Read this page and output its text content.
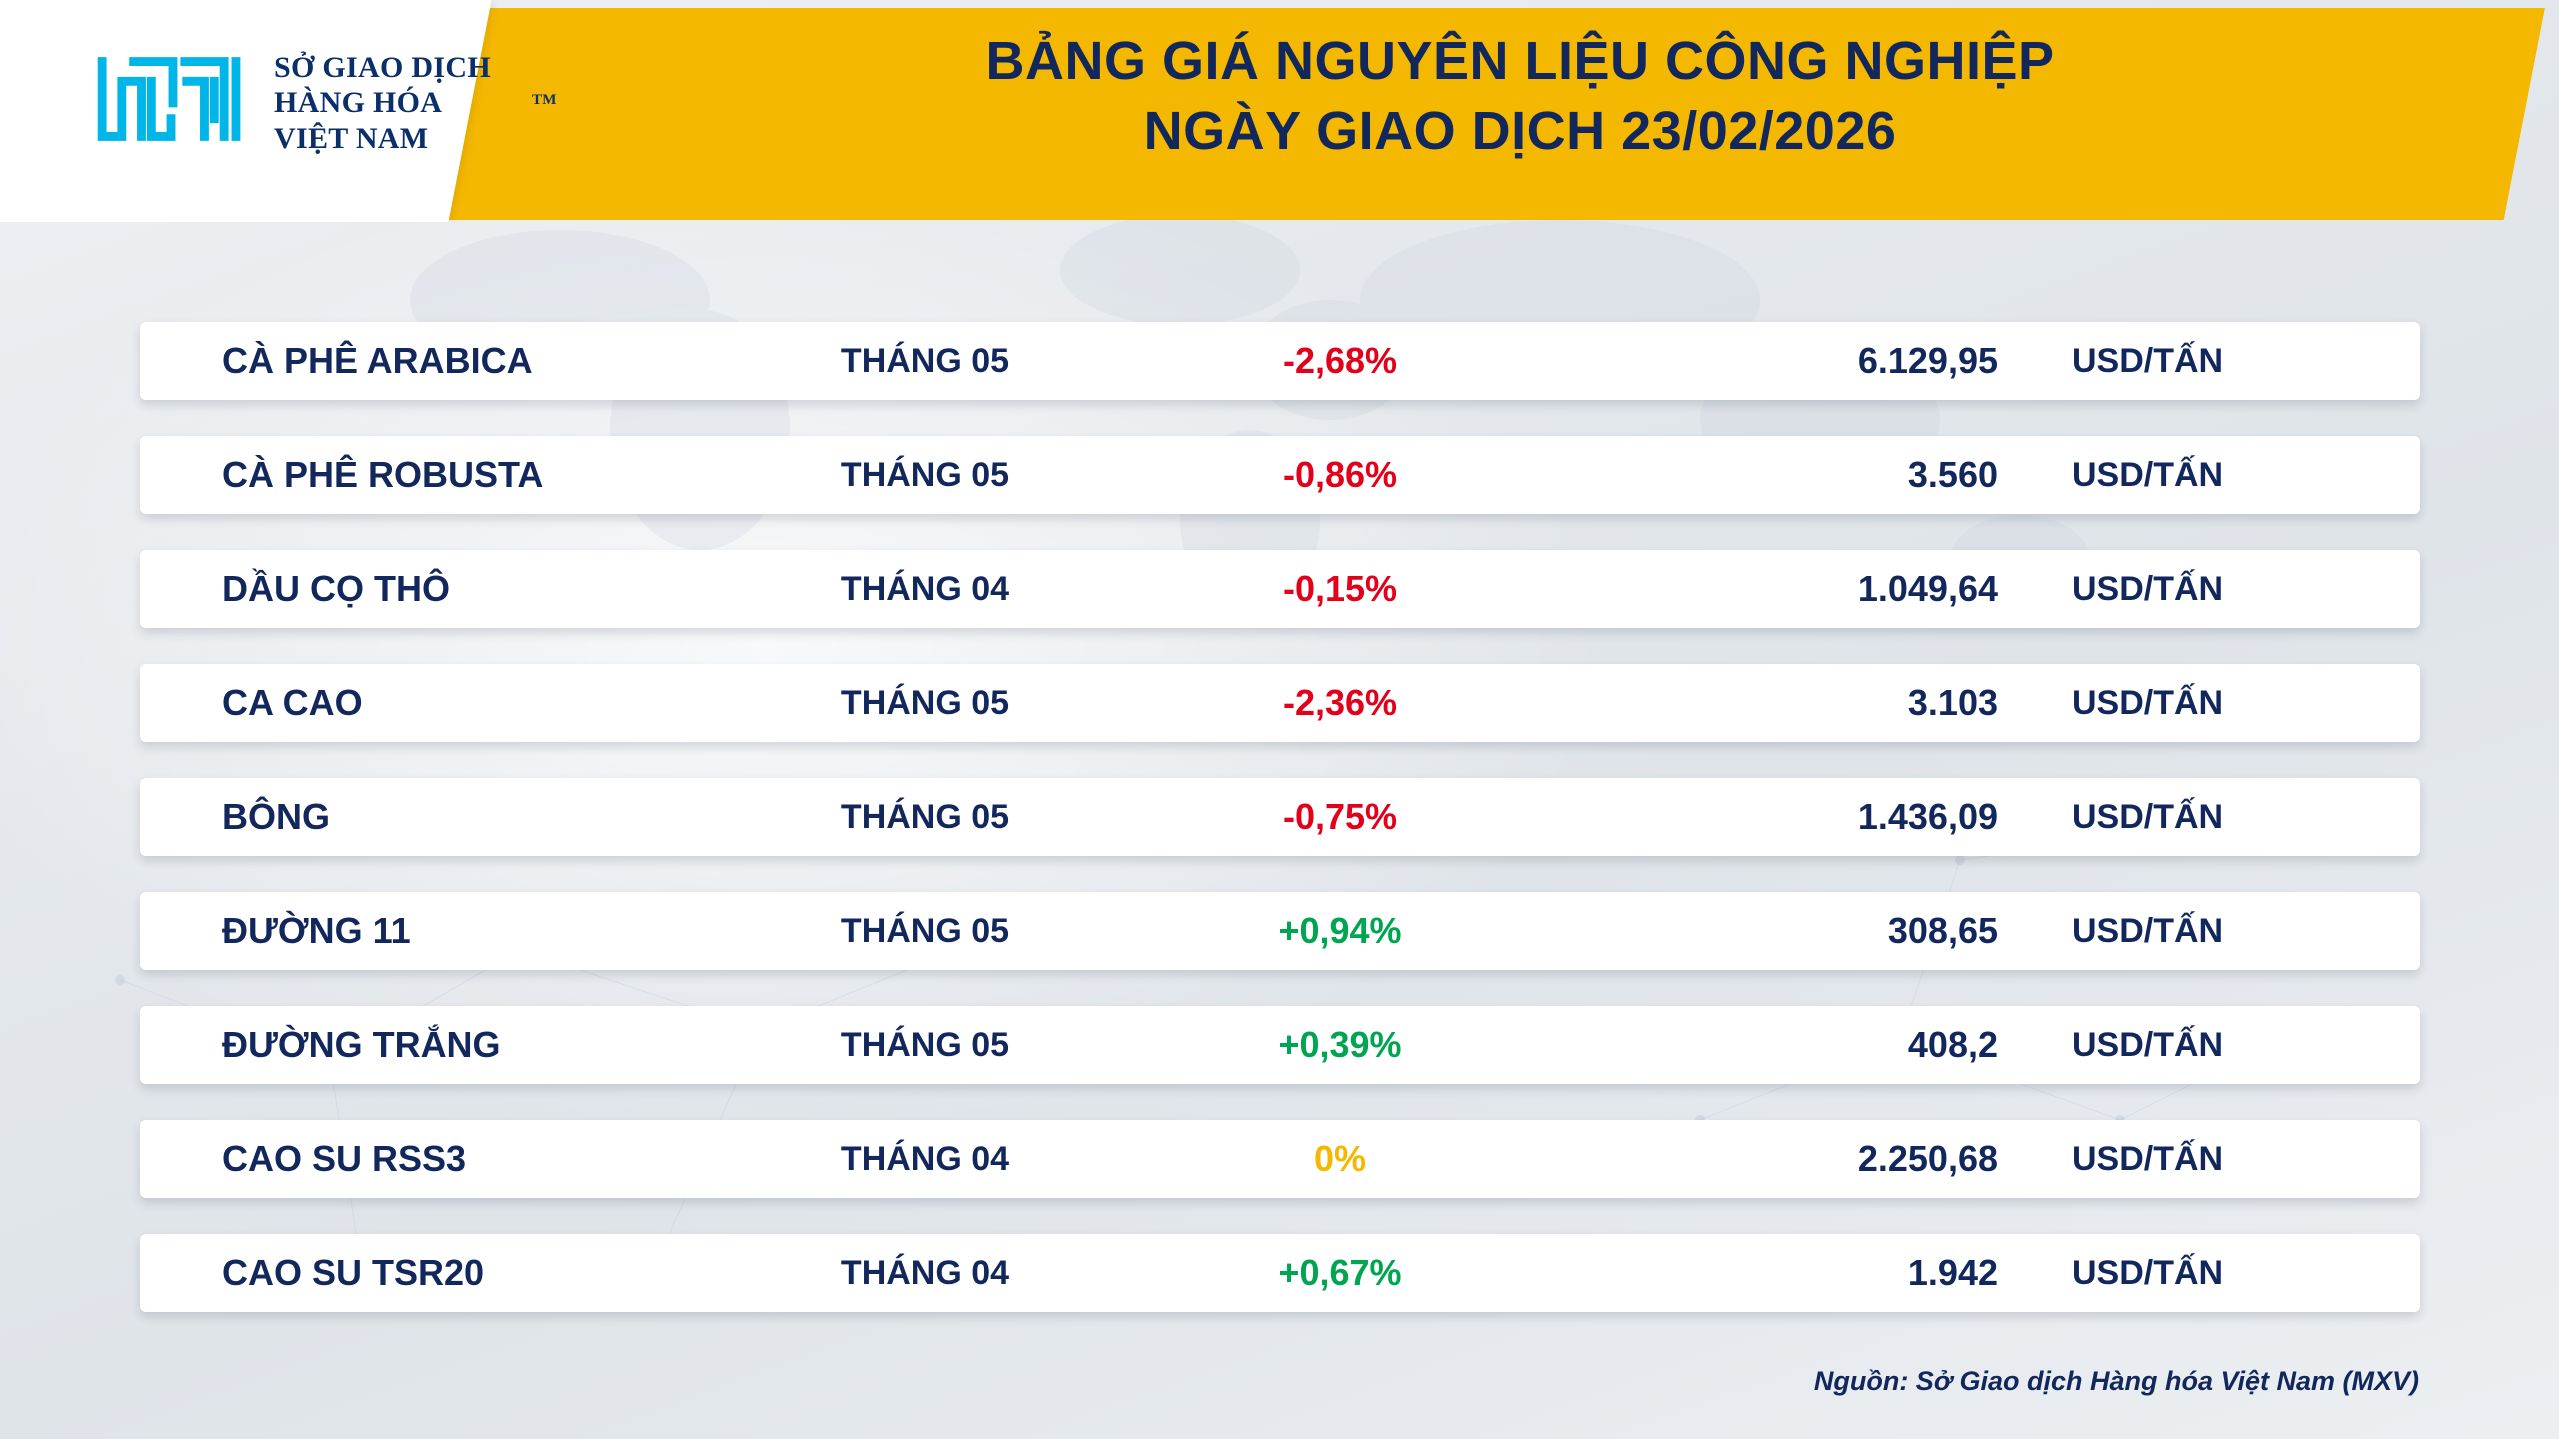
SỞ GIAO DỊCH
HÀNG HÓA
VIỆT NAM
TM
BẢNG GIÁ NGUYÊN LIỆU CÔNG NGHIỆP
NGÀY GIAO DỊCH 23/02/2026
CÀ PHÊ ARABICA	THÁNG 05	-2,68%	6.129,95	USD/TẤN
CÀ PHÊ ROBUSTA	THÁNG 05	-0,86%	3.560	USD/TẤN
DẦU CỌ THÔ	THÁNG 04	-0,15%	1.049,64	USD/TẤN
CA CAO	THÁNG 05	-2,36%	3.103	USD/TẤN
BÔNG	THÁNG 05	-0,75%	1.436,09	USD/TẤN
ĐƯỜNG 11	THÁNG 05	+0,94%	308,65	USD/TẤN
ĐƯỜNG TRẮNG	THÁNG 05	+0,39%	408,2	USD/TẤN
CAO SU RSS3	THÁNG 04	0%	2.250,68	USD/TẤN
CAO SU TSR20	THÁNG 04	+0,67%	1.942	USD/TẤN
Nguồn: Sở Giao dịch Hàng hóa Việt Nam (MXV)
